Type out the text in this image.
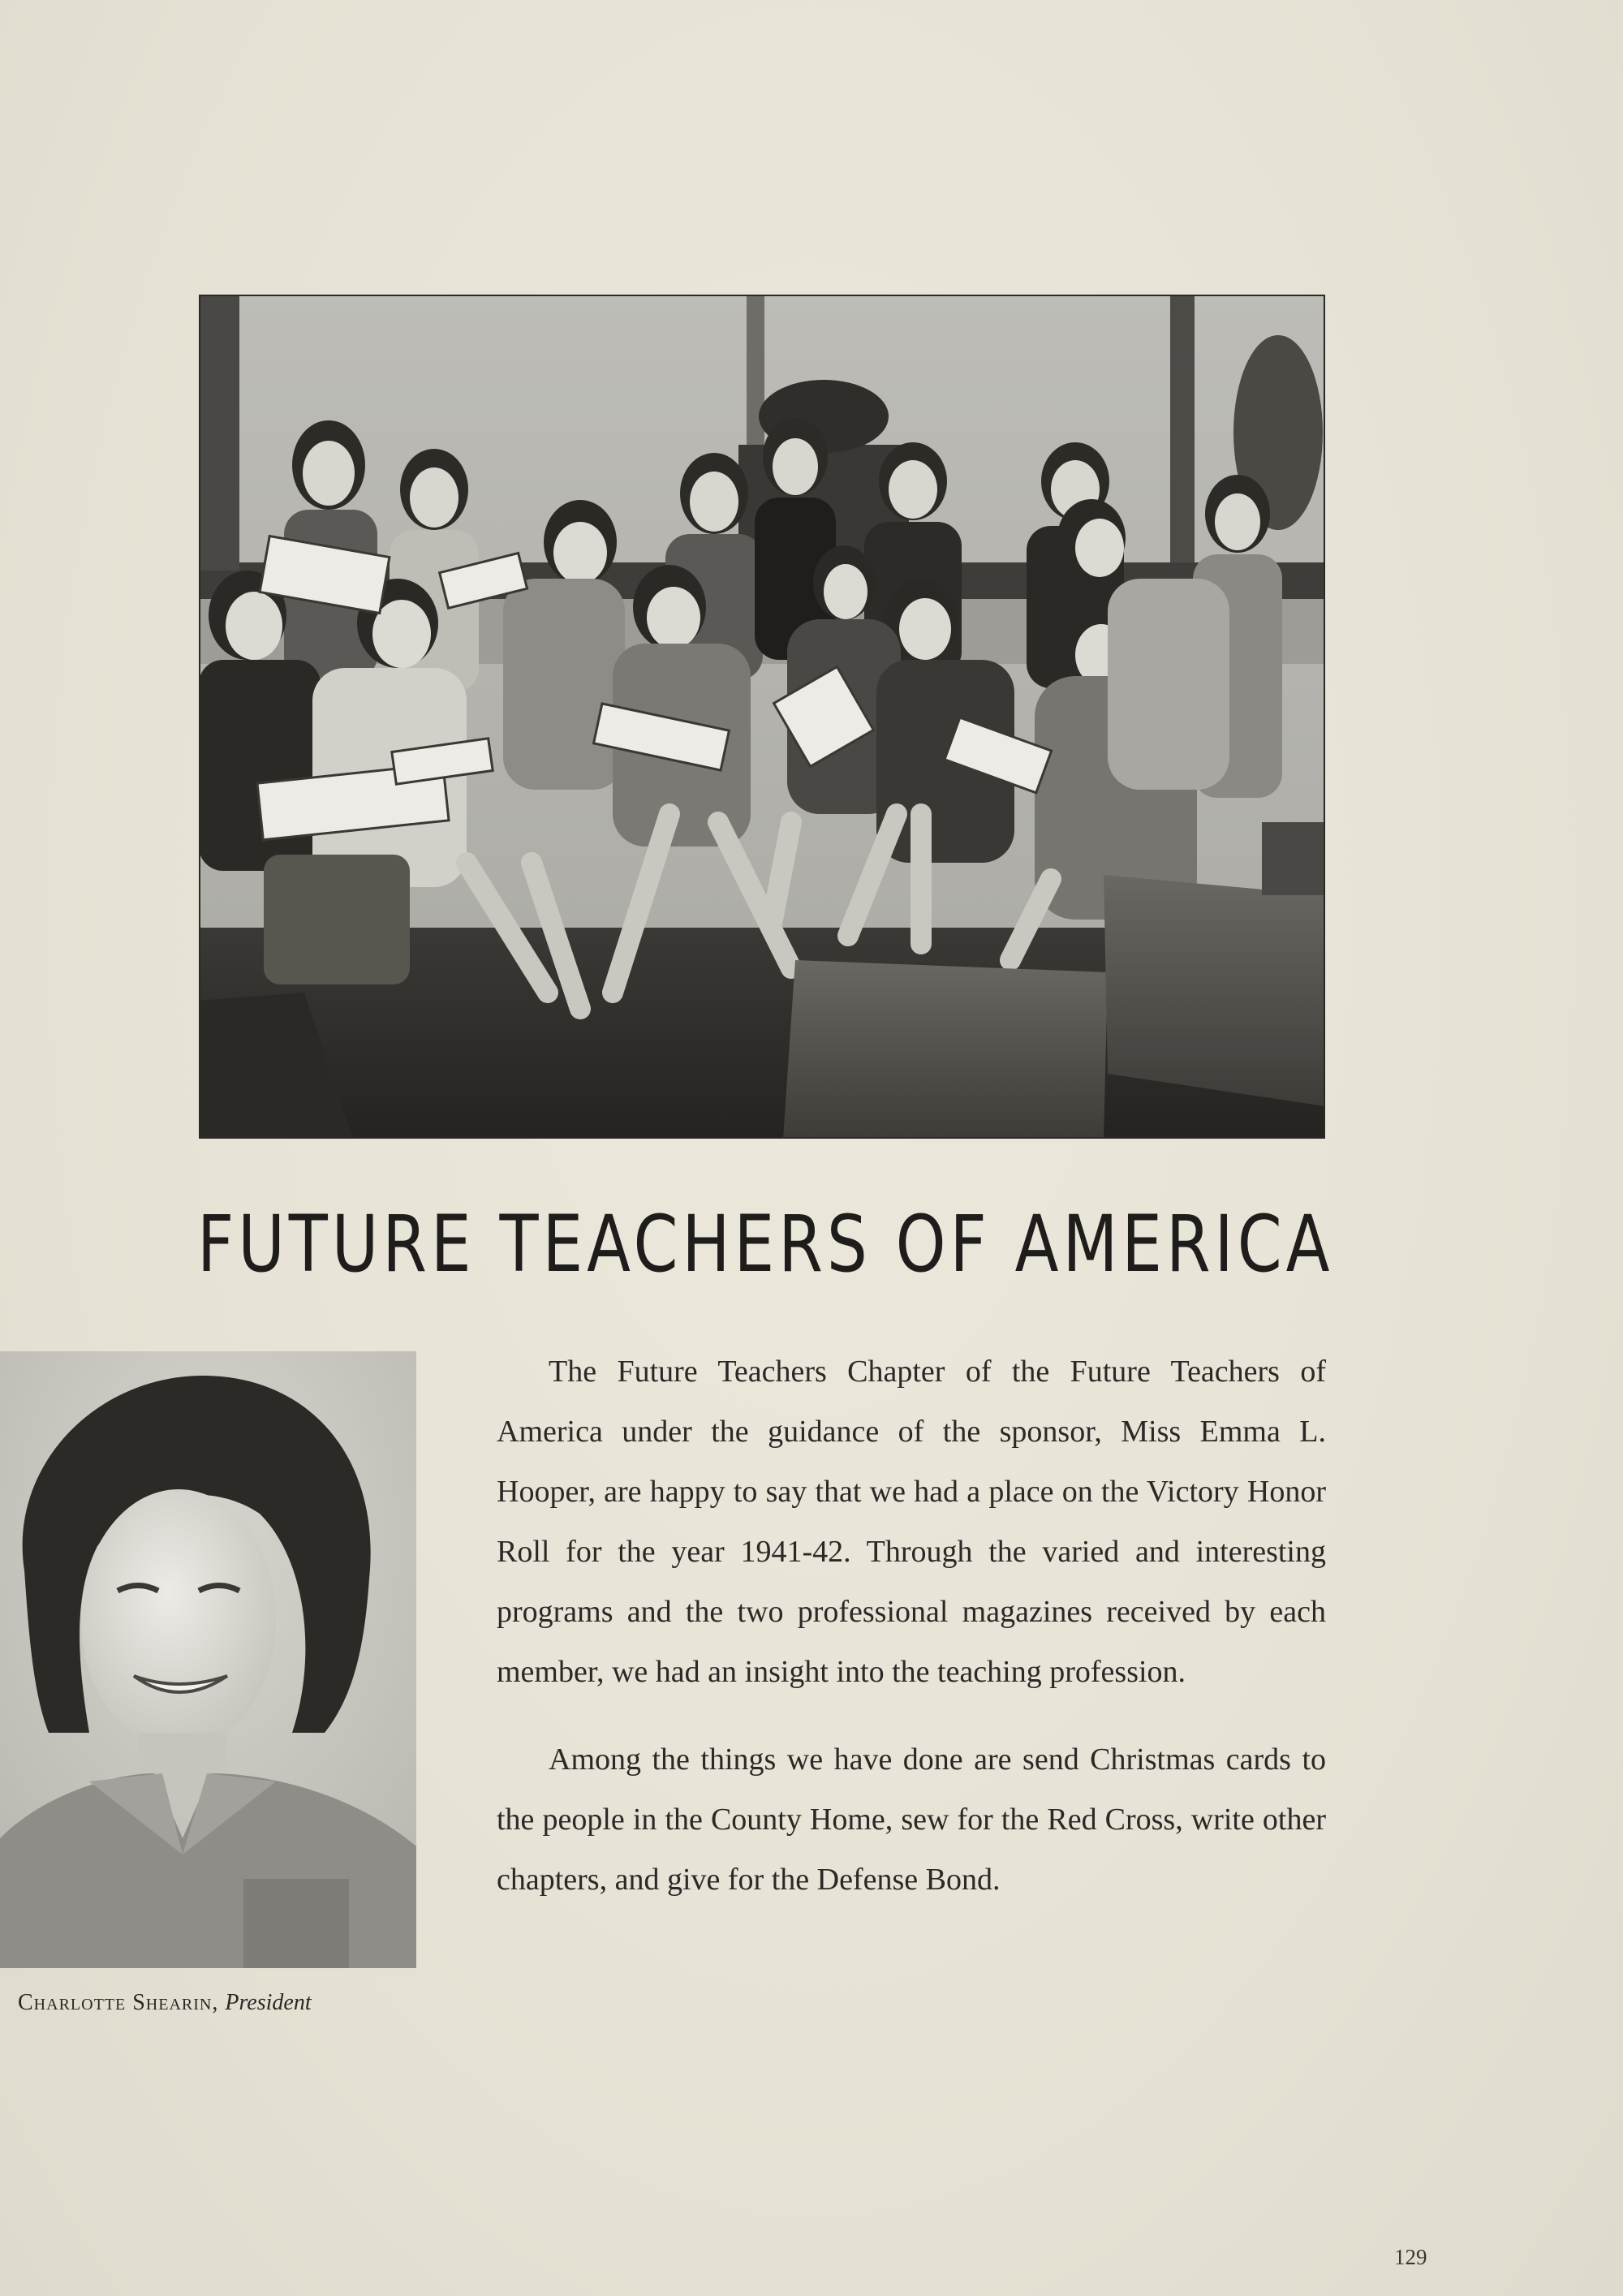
FUTURE TEACHERS OF AMERICA
Charlotte Shearin, President

The Future Teachers Chapter of the Future Teachers of America under the guidance of the sponsor, Miss Emma L. Hooper, are happy to say that we had a place on the Victory Honor Roll for the year 1941-42. Through the varied and interesting programs and the two professional magazines received by each member, we had an insight into the teaching profession.

Among the things we have done are send Christmas cards to the people in the County Home, sew for the Red Cross, write other chapters, and give for the Defense Bond.

129
